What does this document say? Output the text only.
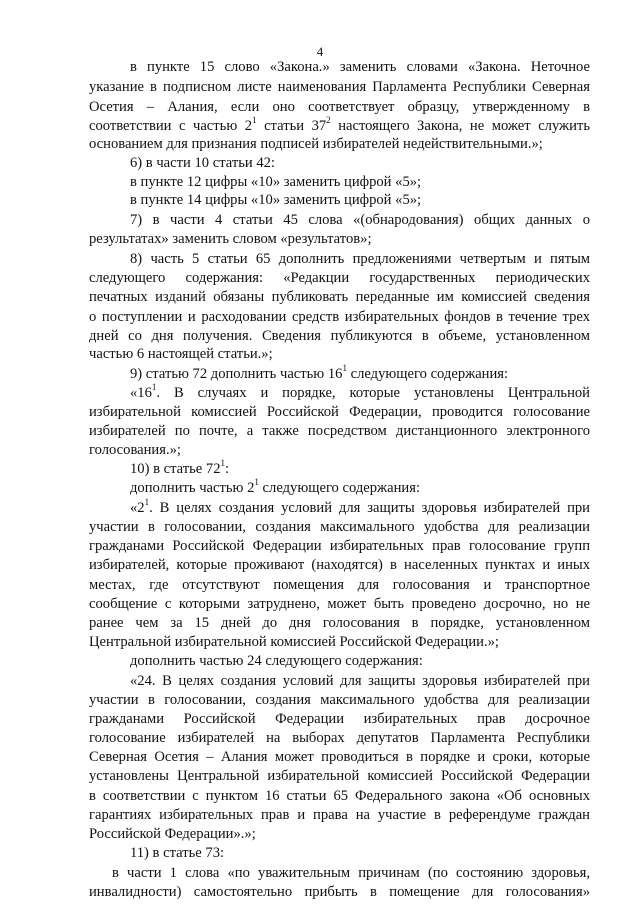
4
в пункте 15 слово «Закона.» заменить словами «Закона. Неточное
указание в подписном листе наименования Парламента Республики Северная
Осетия – Алания, если оно соответствует образцу, утвержденному в
соответствии с частью $2^1$ статьи $37^2$ настоящего Закона, не может служить
основанием для признания подписей избирателей недействительными.»;
6) в части 10 статьи 42:
в пункте 12 цифры «10» заменить цифрой «5»;
в пункте 14 цифры «10» заменить цифрой «5»;
7) в части 4 статьи 45 слова «(обнародования) общих данных о
результатах» заменить словом «результатов»;
8) часть 5 статьи 65 дополнить предложениями четвертым и пятым
следующего содержания: «Редакции государственных периодических
печатных изданий обязаны публиковать переданные им комиссией сведения
о поступлении и расходовании средств избирательных фондов в течение трех
дней со дня получения. Сведения публикуются в объеме, установленном
частью 6 настоящей статьи.»;
9) статью 72 дополнить частью $16^1$ следующего содержания:
«$16^1$. В случаях и порядке, которые установлены Центральной
избирательной комиссией Российской Федерации, проводится голосование
избирателей по почте, а также посредством дистанционного электронного
голосования.»;
10) в статье $72^1$:
дополнить частью $2^1$ следующего содержания:
«$2^1$. В целях создания условий для защиты здоровья избирателей при
участии в голосовании, создания максимального удобства для реализации
гражданами Российской Федерации избирательных прав голосование групп
избирателей, которые проживают (находятся) в населенных пунктах и иных
местах, где отсутствуют помещения для голосования и транспортное
сообщение с которыми затруднено, может быть проведено досрочно, но не
ранее чем за 15 дней до дня голосования в порядке, установленном
Центральной избирательной комиссией Российской Федерации.»;
дополнить частью 24 следующего содержания:
«24. В целях создания условий для защиты здоровья избирателей при
участии в голосовании, создания максимального удобства для реализации
гражданами Российской Федерации избирательных прав досрочное
голосование избирателей на выборах депутатов Парламента Республики
Северная Осетия – Алания может проводиться в порядке и сроки, которые
установлены Центральной избирательной комиссией Российской Федерации
в соответствии с пунктом 16 статьи 65 Федерального закона «Об основных
гарантиях избирательных прав и права на участие в референдуме граждан
Российской Федерации».»;
11) в статье 73:
в части 1 слова «по уважительным причинам (по состоянию здоровья,
инвалидности) самостоятельно прибыть в помещение для голосования»
